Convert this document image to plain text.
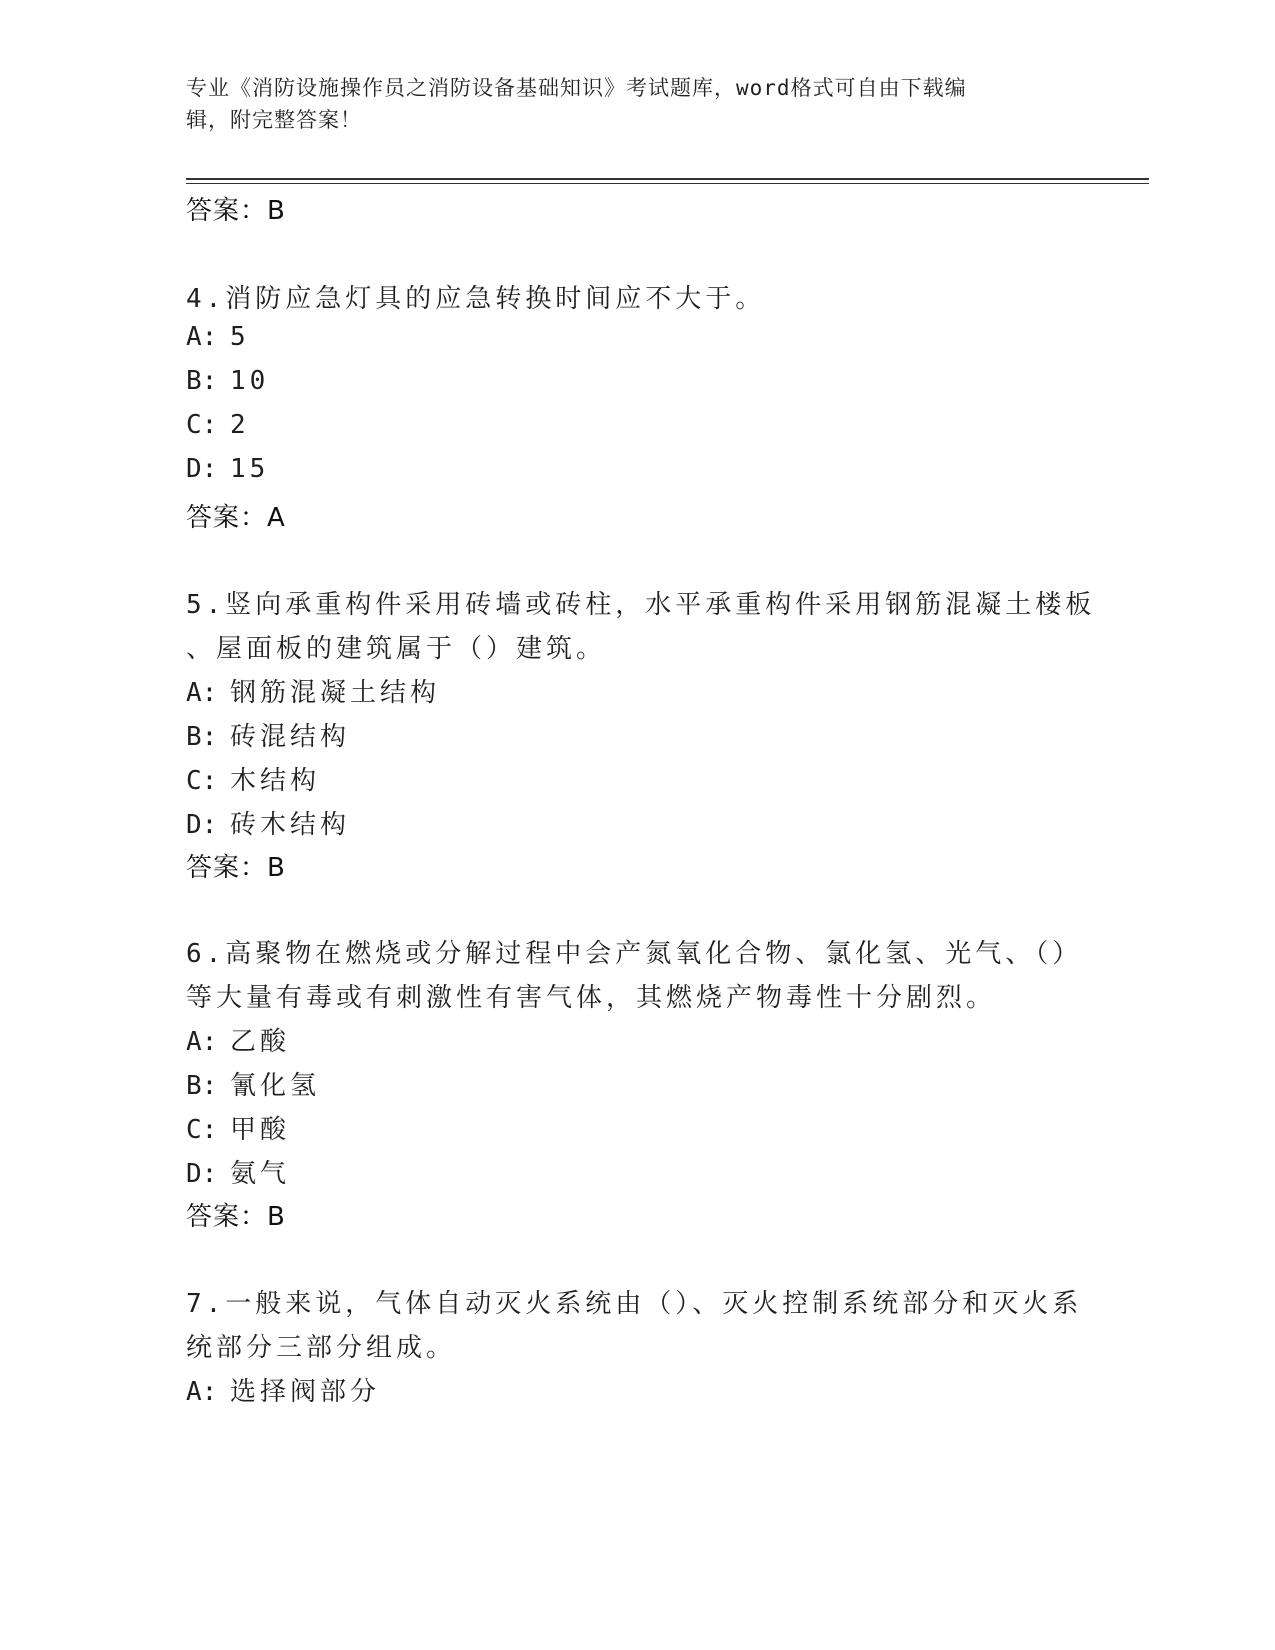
专业《消防设施操作员之消防设备基础知识》考试题库，word格式可自由下载编
辑，附完整答案！
答案：B
4.消防应急灯具的应急转换时间应不大于。
A: 5
B: 10
C: 2
D: 15
答案：A
5.竖向承重构件采用砖墙或砖柱，水平承重构件采用钢筋混凝土楼板
、屋面板的建筑属于（）建筑。
A: 钢筋混凝土结构
B: 砖混结构
C: 木结构
D: 砖木结构
答案：B
6.高聚物在燃烧或分解过程中会产氮氧化合物、氯化氢、光气、（）
等大量有毒或有刺激性有害气体，其燃烧产物毒性十分剧烈。
A: 乙酸
B: 氰化氢
C: 甲酸
D: 氨气
答案：B
7.一般来说，气体自动灭火系统由（）、灭火控制系统部分和灭火系
统部分三部分组成。
A: 选择阀部分
